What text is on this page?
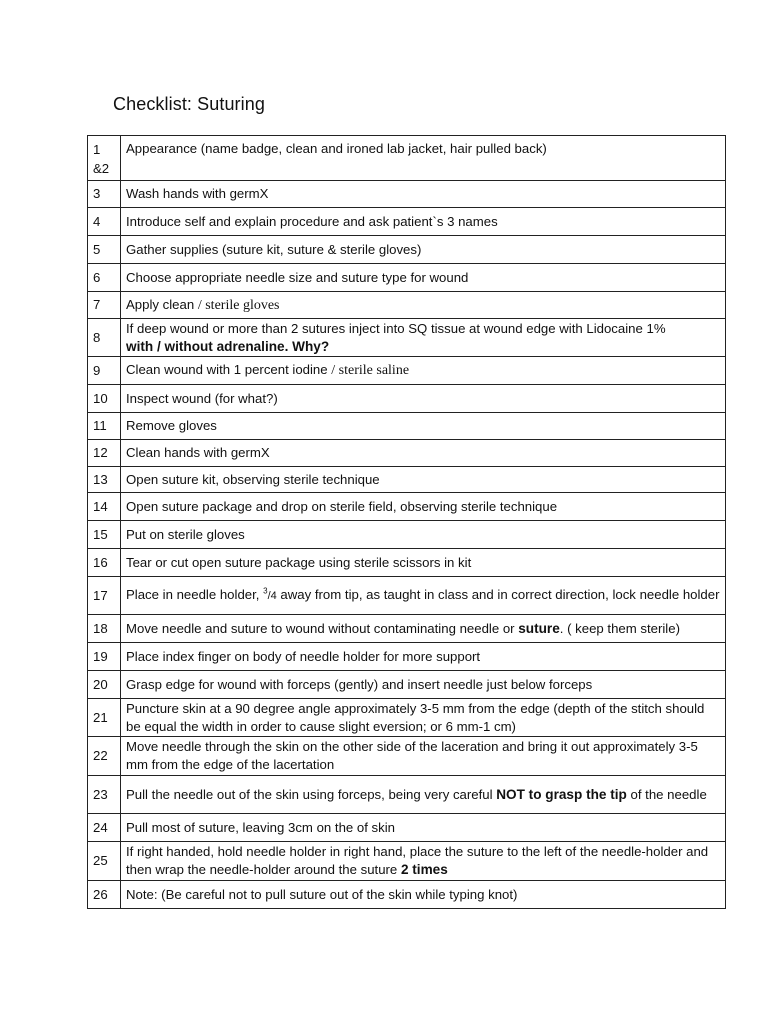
Checklist: Suturing
1 &2	Appearance (name badge, clean and ironed lab jacket, hair pulled back)
3	Wash hands with germX
4	Introduce self and explain procedure and ask patient`s 3 names
5	Gather supplies (suture kit, suture & sterile gloves)
6	Choose appropriate needle size and suture type for wound
7	Apply clean / sterile gloves
8	If deep wound or more than 2 sutures inject into SQ tissue at wound edge with Lidocaine 1%
with / without adrenaline. Why?
9	Clean wound with 1 percent iodine / sterile saline
10	Inspect wound (for what?)
11	Remove gloves
12	Clean hands with germX
13	Open suture kit, observing sterile technique
14	Open suture package and drop on sterile field, observing sterile technique
15	Put on sterile gloves
16	Tear or cut open suture package using sterile scissors in kit
17	Place in needle holder, $^3$/4 away from tip, as taught in class and in correct direction, lock needle holder
18	Move needle and suture to wound without contaminating needle or suture. ( keep them sterile)
19	Place index finger on body of needle holder for more support
20	Grasp edge for wound with forceps (gently) and insert needle just below forceps
21	Puncture skin at a 90 degree angle approximately 3-5 mm from the edge (depth of the stitch should be equal the width in order to cause slight eversion; or 6 mm-1 cm)
22	Move needle through the skin on the other side of the laceration and bring it out approximately 3-5 mm from the edge of the lacertation
23	Pull the needle out of the skin using forceps, being very careful NOT to grasp the tip of the needle
24	Pull most of suture, leaving 3cm on the of skin
25	If right handed, hold needle holder in right hand, place the suture to the left of the needle-holder and then wrap the needle-holder around the suture 2 times
26	Note: (Be careful not to pull suture out of the skin while typing knot)
